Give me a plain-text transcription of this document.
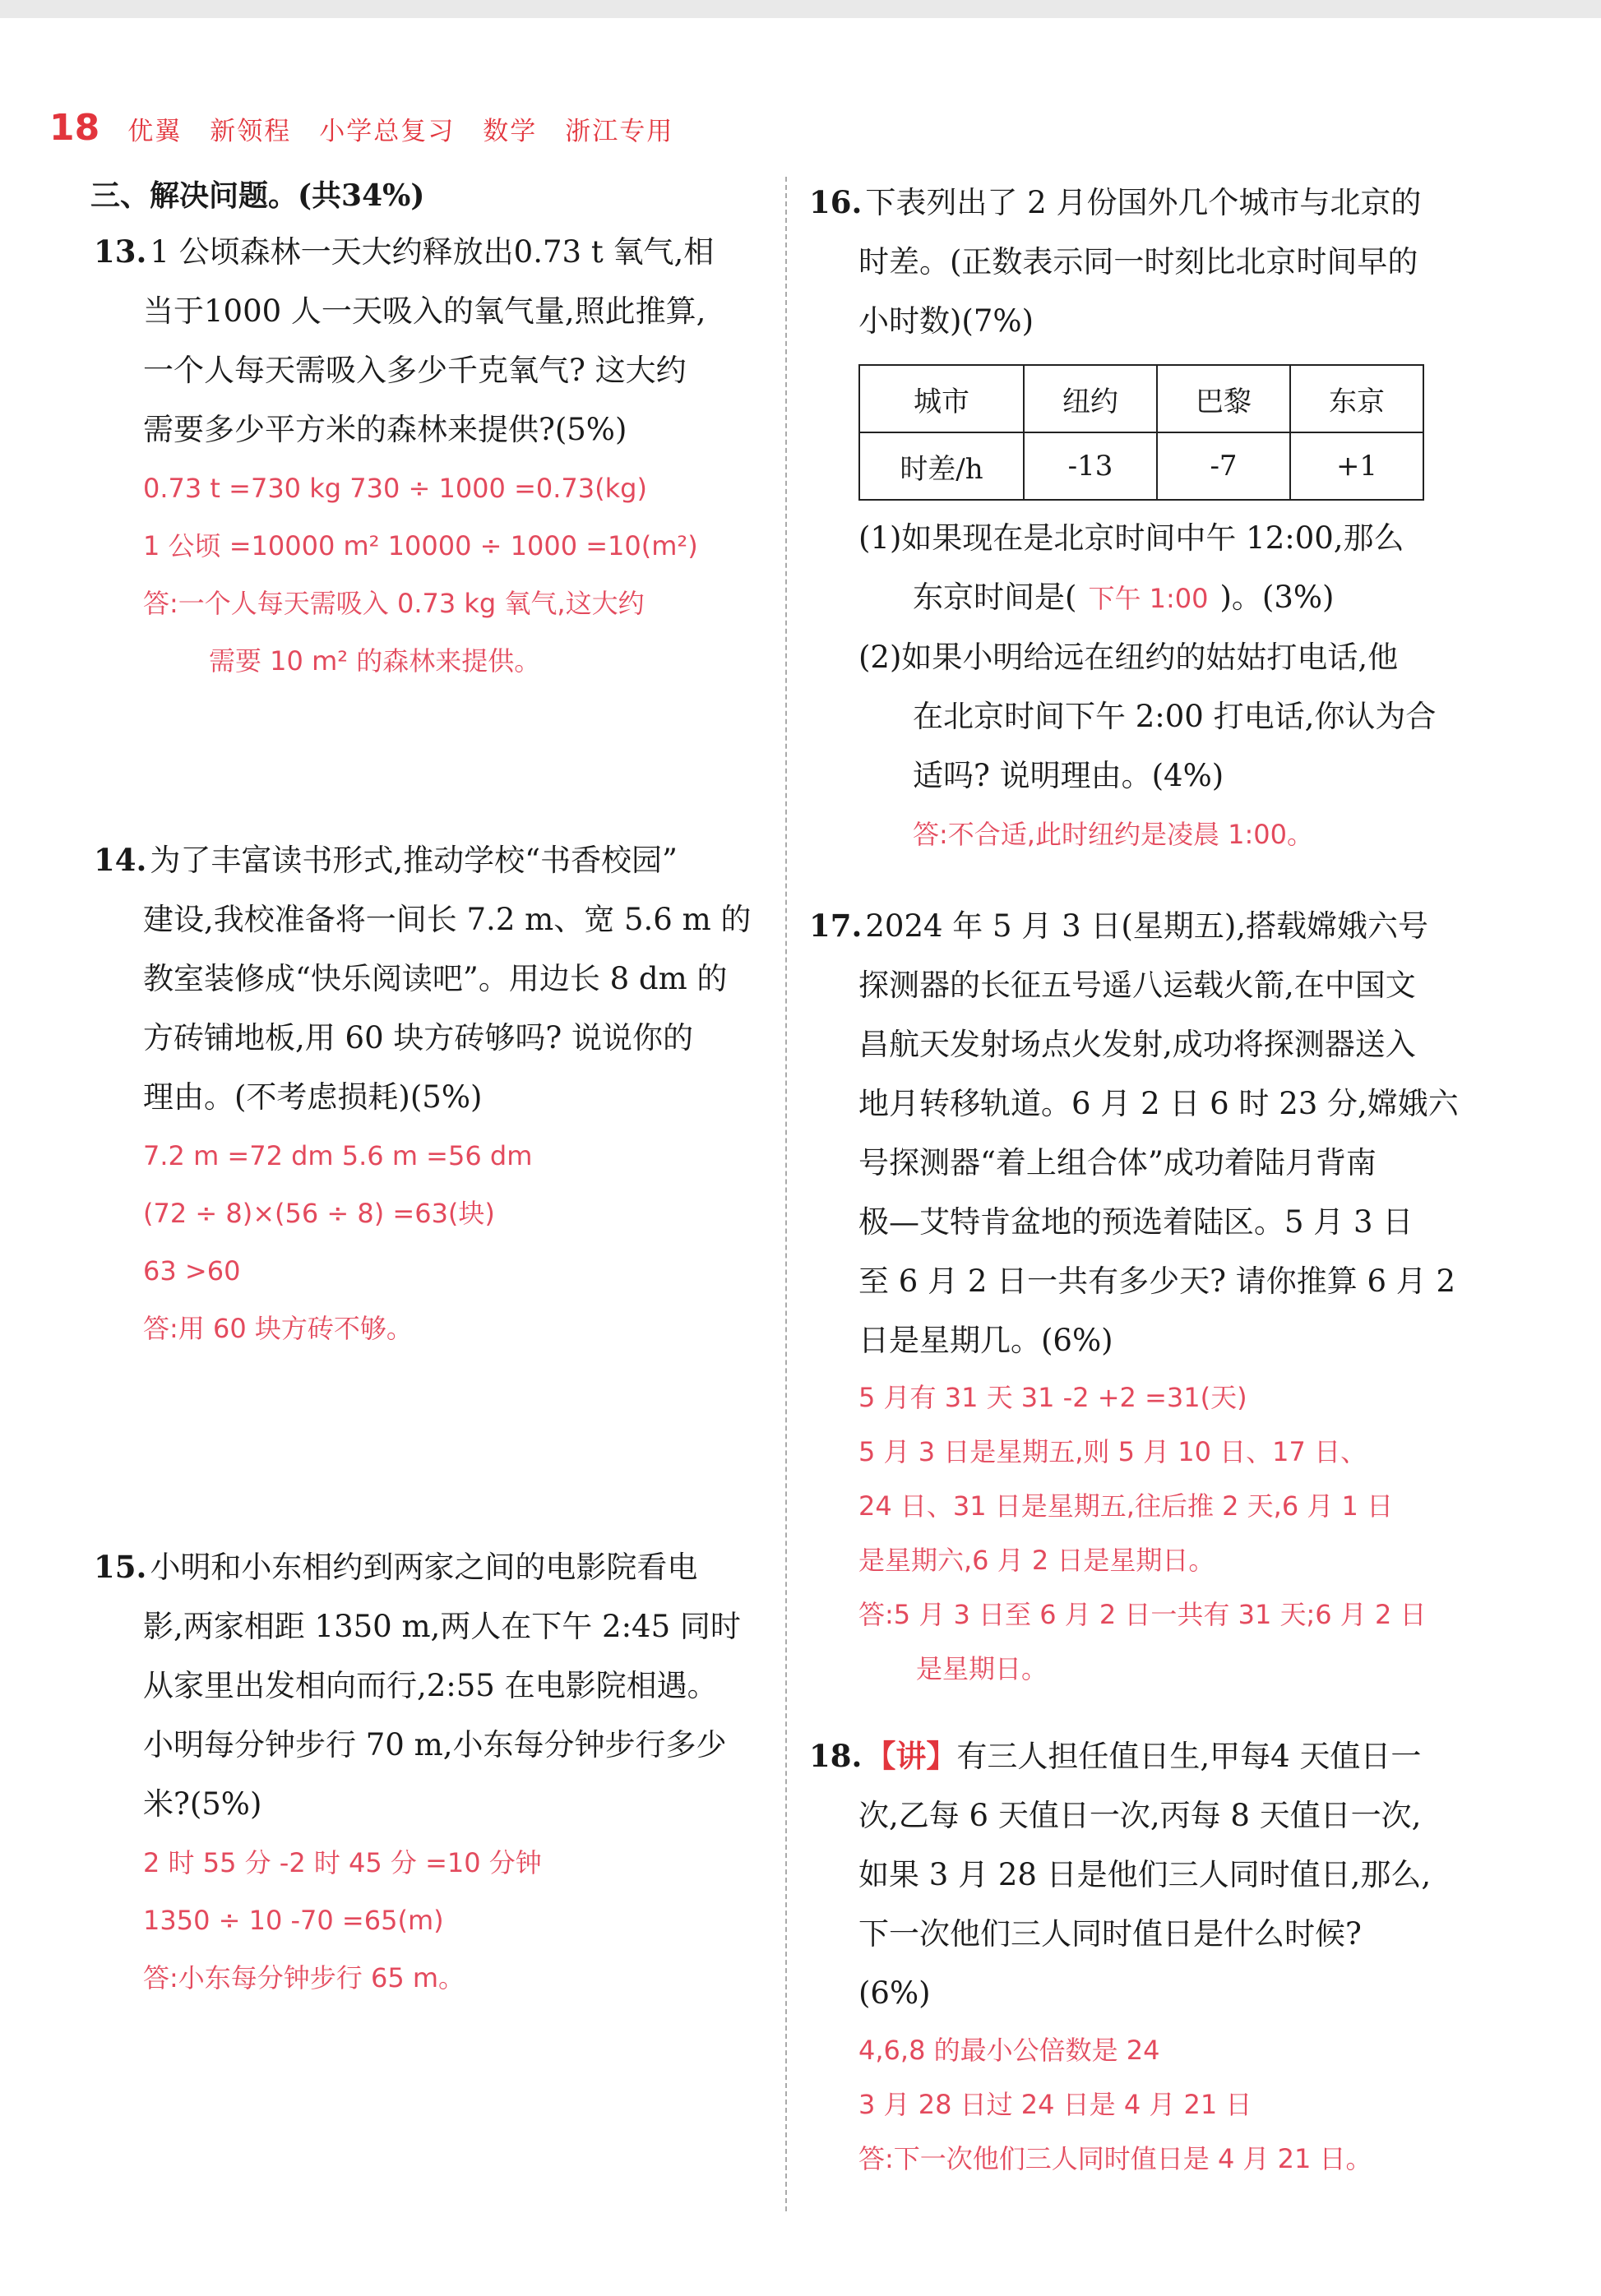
18 优翼 新领程 小学总复习 数学 浙江专用
三、解决问题。(共34%)
13. 1 公顷森林一天大约释放出0.73 t 氧气,相
当于1000 人一天吸入的氧气量,照此推算,
一个人每天需吸入多少千克氧气? 这大约
需要多少平方米的森林来提供?(5%)
0.73 t =730 kg 730 ÷ 1000 =0.73(kg)
1 公顷 =10000 m² 10000 ÷ 1000 =10(m²)
答:一个人每天需吸入 0.73 kg 氧气,这大约
需要 10 m² 的森林来提供。
14. 为了丰富读书形式,推动学校“书香校园”
建设,我校准备将一间长 7.2 m、宽 5.6 m 的
教室装修成“快乐阅读吧”。用边长 8 dm 的
方砖铺地板,用 60 块方砖够吗? 说说你的
理由。(不考虑损耗)(5%)
7.2 m =72 dm 5.6 m =56 dm
(72 ÷ 8)×(56 ÷ 8) =63(块)
63 >60
答:用 60 块方砖不够。
15. 小明和小东相约到两家之间的电影院看电
影,两家相距 1350 m,两人在下午 2:45 同时
从家里出发相向而行,2:55 在电影院相遇。
小明每分钟步行 70 m,小东每分钟步行多少
米?(5%)
2 时 55 分 -2 时 45 分 =10 分钟
1350 ÷ 10 -70 =65(m)
答:小东每分钟步行 65 m。
16. 下表列出了 2 月份国外几个城市与北京的
时差。(正数表示同一时刻比北京时间早的
小时数)(7%)
城市	纽约	巴黎	东京
时差/h	-13	-7	+1
(1)如果现在是北京时间中午 12:00,那么
东京时间是( 下午 1:00 )。(3%)
(2)如果小明给远在纽约的姑姑打电话,他
在北京时间下午 2:00 打电话,你认为合
适吗? 说明理由。(4%)
答:不合适,此时纽约是凌晨 1:00。
17. 2024 年 5 月 3 日(星期五),搭载嫦娥六号
探测器的长征五号遥八运载火箭,在中国文
昌航天发射场点火发射,成功将探测器送入
地月转移轨道。6 月 2 日 6 时 23 分,嫦娥六
号探测器“着上组合体”成功着陆月背南
极—艾特肯盆地的预选着陆区。5 月 3 日
至 6 月 2 日一共有多少天? 请你推算 6 月 2
日是星期几。(6%)
5 月有 31 天 31 -2 +2 =31(天)
5 月 3 日是星期五,则 5 月 10 日、17 日、
24 日、31 日是星期五,往后推 2 天,6 月 1 日
是星期六,6 月 2 日是星期日。
答:5 月 3 日至 6 月 2 日一共有 31 天;6 月 2 日
是星期日。
18. 【讲】有三人担任值日生,甲每4 天值日一
次,乙每 6 天值日一次,丙每 8 天值日一次,
如果 3 月 28 日是他们三人同时值日,那么,
下一次他们三人同时值日是什么时候?
(6%)
4,6,8 的最小公倍数是 24
3 月 28 日过 24 日是 4 月 21 日
答:下一次他们三人同时值日是 4 月 21 日。
